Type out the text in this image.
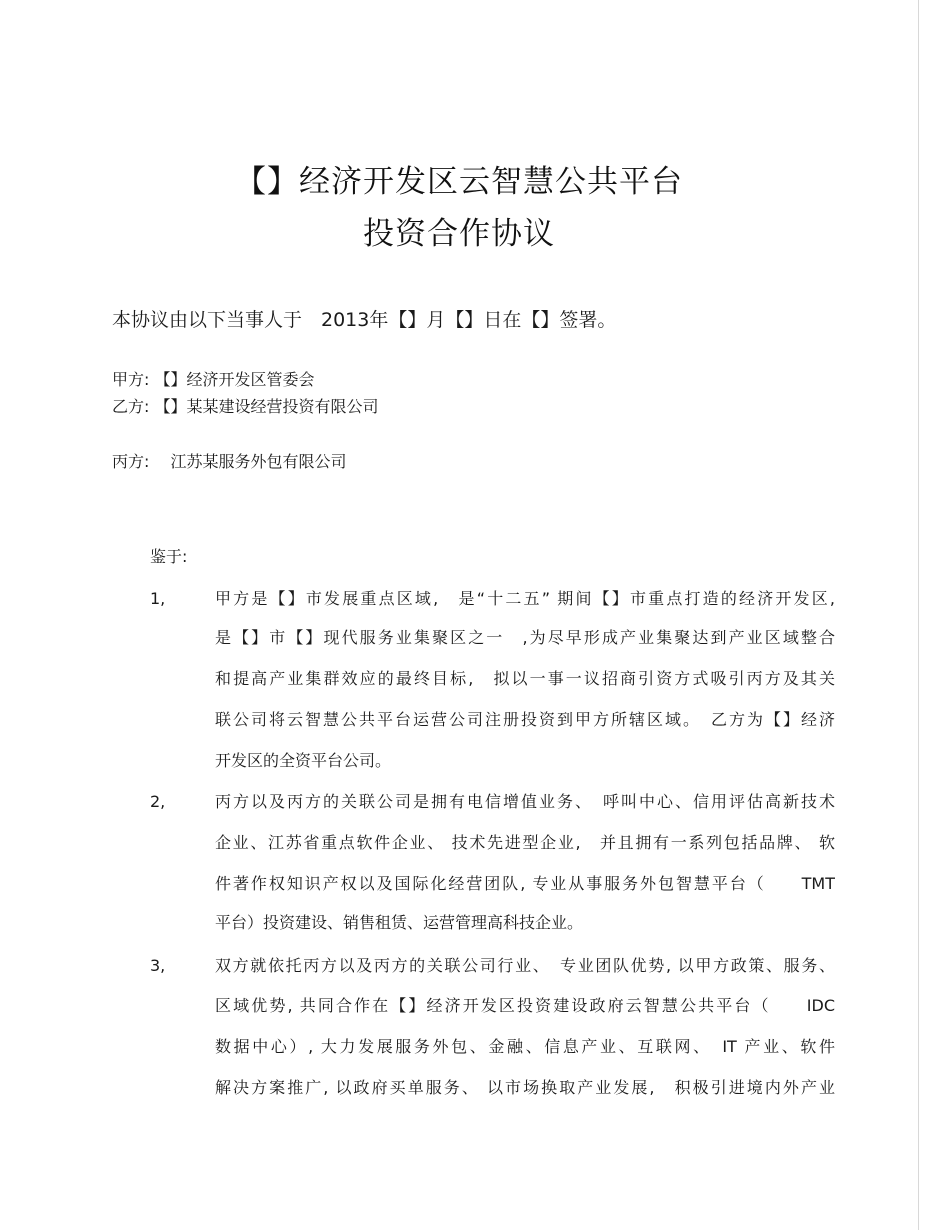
【】经济开发区云智慧公共平台
投资合作协议
本协议由以下当事人于　2013年【】月【】日在【】签署。
甲方: 【】经济开发区管委会
乙方: 【】某某建设经营投资有限公司
丙方:　 江苏某服务外包有限公司
鉴于:
1,	甲方是【】市发展重点区域,　是“十二五” 期间【】市重点打造的经济开发区,
是【】市【】现代服务业集聚区之一　,为尽早形成产业集聚达到产业区域整合
和提高产业集群效应的最终目标,　拟以一事一议招商引资方式吸引丙方及其关
联公司将云智慧公共平台运营公司注册投资到甲方所辖区域。　乙方为【】经济
开发区的全资平台公司。
2,	丙方以及丙方的关联公司是拥有电信增值业务、　呼叫中心、信用评估高新技术
企业、江苏省重点软件企业、 技术先进型企业,　并且拥有一系列包括品牌、 软
件著作权知识产权以及国际化经营团队, 专业从事服务外包智慧平台（　　TMT
平台）投资建设、销售租赁、运营管理高科技企业。
3,	双方就依托丙方以及丙方的关联公司行业、　专业团队优势, 以甲方政策、服务、
区域优势, 共同合作在【】经济开发区投资建设政府云智慧公共平台（　　IDC
数据中心）, 大力发展服务外包、金融、信息产业、互联网、　IT 产业、软件
解决方案推广, 以政府买单服务、 以市场换取产业发展,　积极引进境内外产业
